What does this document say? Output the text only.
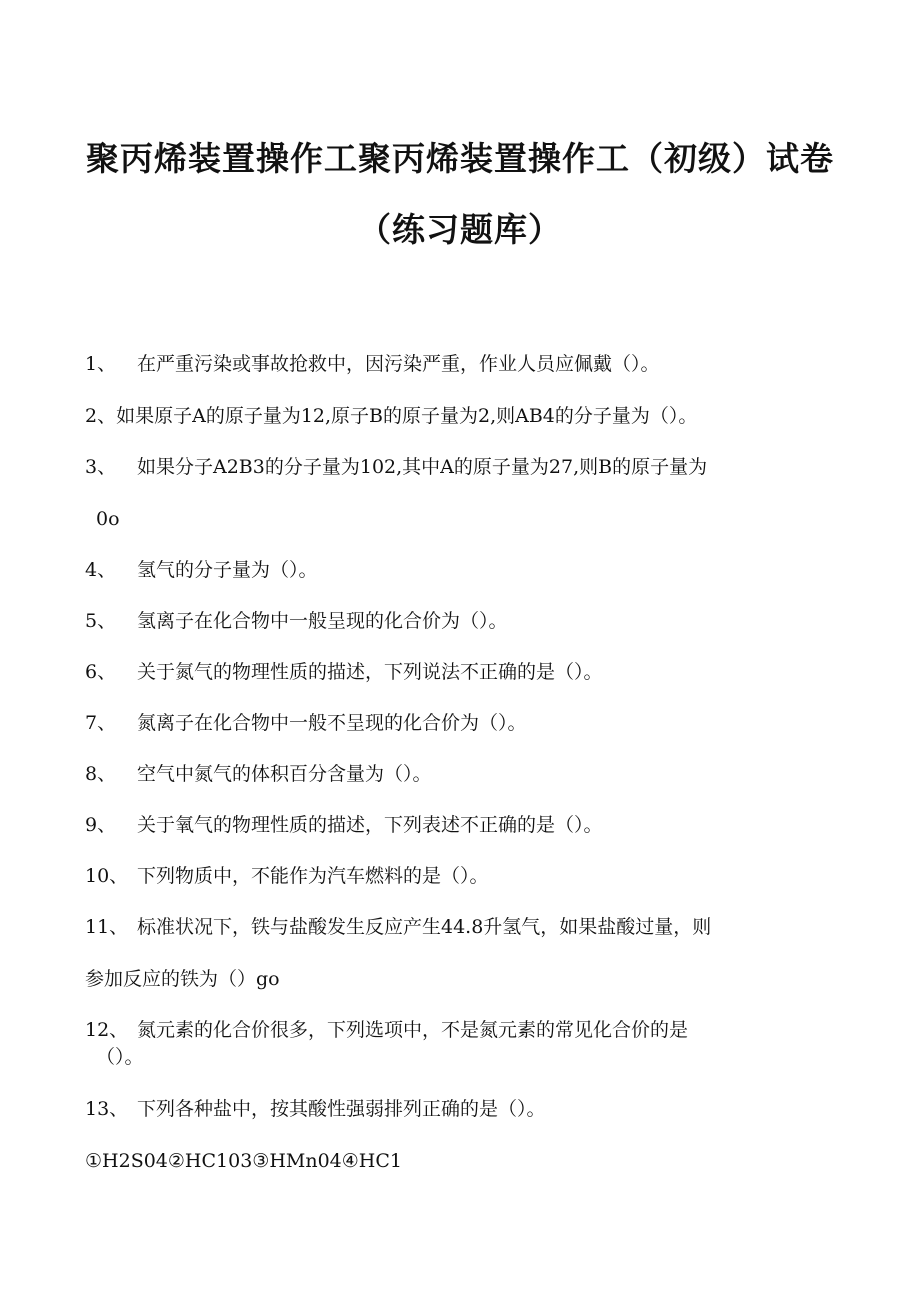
聚丙烯装置操作工聚丙烯装置操作工（初级）试卷
（练习题库）
1、 在严重污染或事故抢救中，因污染严重，作业人员应佩戴（）。
2、如果原子A的原子量为12,原子B的原子量为2,则AB4的分子量为（）。
3、 如果分子A2B3的分子量为102,其中A的原子量为27,则B的原子量为
0o
4、 氢气的分子量为（）。
5、 氢离子在化合物中一般呈现的化合价为（）。
6、 关于氮气的物理性质的描述，下列说法不正确的是（）。
7、 氮离子在化合物中一般不呈现的化合价为（）。
8、 空气中氮气的体积百分含量为（）。
9、 关于氧气的物理性质的描述，下列表述不正确的是（）。
10、 下列物质中，不能作为汽车燃料的是（）。
11、 标准状况下，铁与盐酸发生反应产生44.8升氢气，如果盐酸过量，则
参加反应的铁为（）go
12、 氮元素的化合价很多，下列选项中，不是氮元素的常见化合价的是
（）。
13、 下列各种盐中，按其酸性强弱排列正确的是（）。
①H2S04②HC103③HMn04④HC1
